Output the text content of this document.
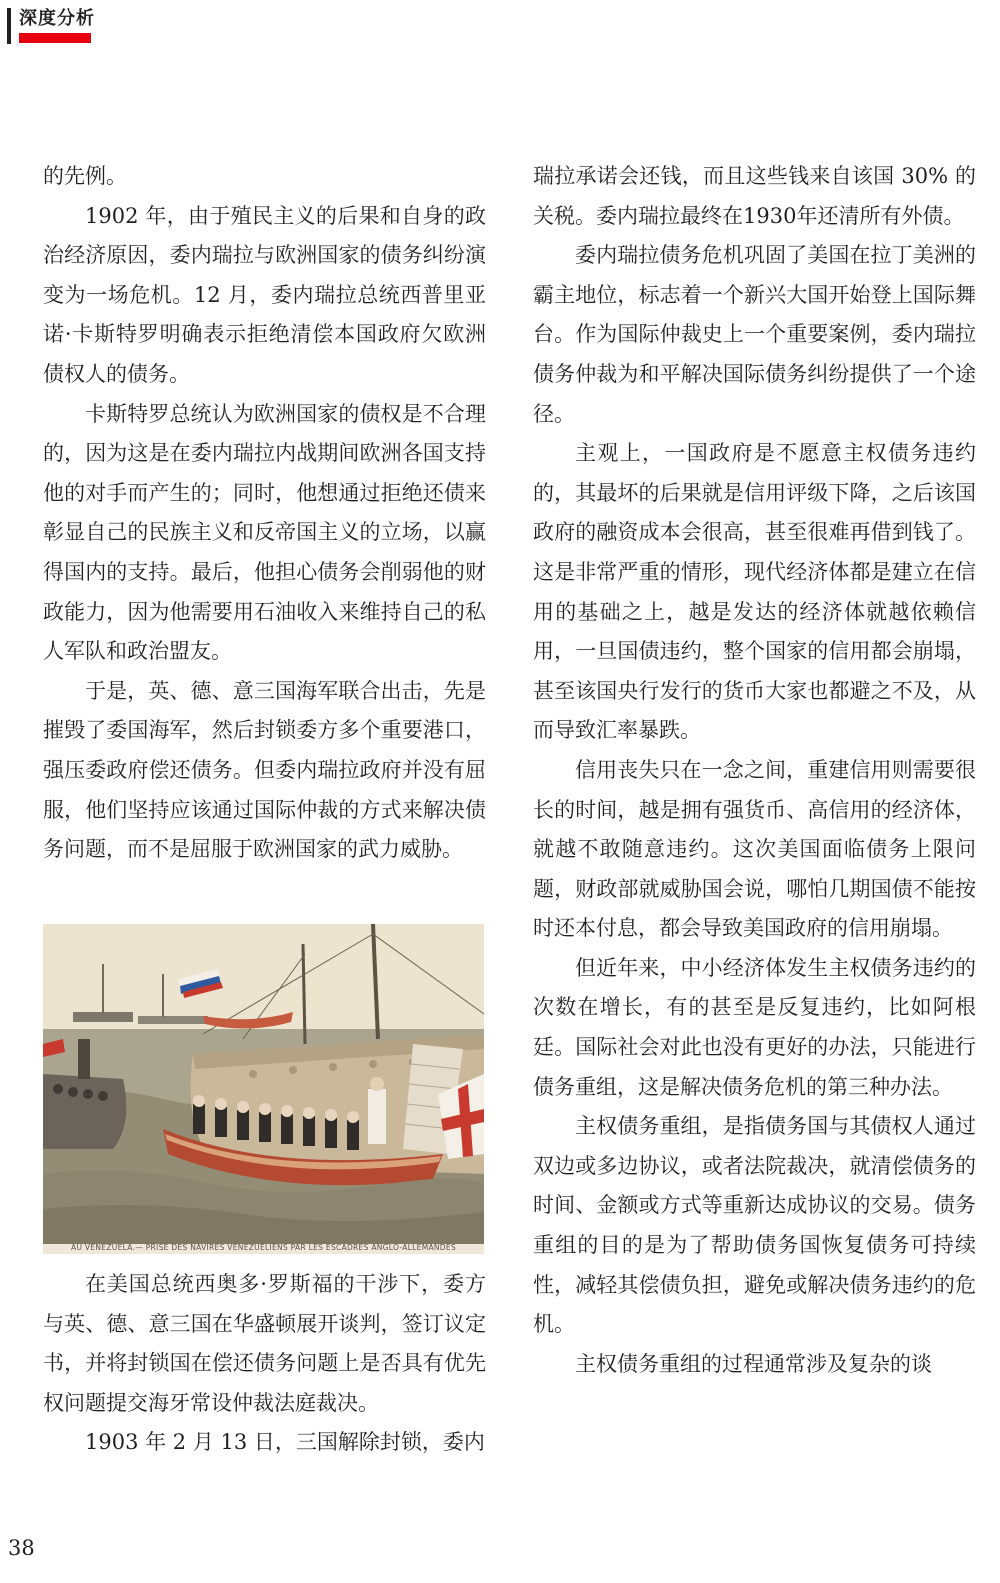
深度分析

的先例。

1902 年，由于殖民主义的后果和自身的政治经济原因，委内瑞拉与欧洲国家的债务纠纷演变为一场危机。12 月，委内瑞拉总统西普里亚诺·卡斯特罗明确表示拒绝清偿本国政府欠欧洲债权人的债务。

卡斯特罗总统认为欧洲国家的债权是不合理的，因为这是在委内瑞拉内战期间欧洲各国支持他的对手而产生的；同时，他想通过拒绝还债来彰显自己的民族主义和反帝国主义的立场，以赢得国内的支持。最后，他担心债务会削弱他的财政能力，因为他需要用石油收入来维持自己的私人军队和政治盟友。

于是，英、德、意三国海军联合出击，先是摧毁了委国海军，然后封锁委方多个重要港口，强压委政府偿还债务。但委内瑞拉政府并没有屈服，他们坚持应该通过国际仲裁的方式来解决债务问题，而不是屈服于欧洲国家的武力威胁。

AU VENEZUELA.— PRISE DES NAVIRES VÉNÉZUÉLIENS PAR LES ESCADRES ANGLO-ALLEMANDES

在美国总统西奥多·罗斯福的干涉下，委方与英、德、意三国在华盛顿展开谈判，签订议定书，并将封锁国在偿还债务问题上是否具有优先权问题提交海牙常设仲裁法庭裁决。

1903 年 2 月 13 日，三国解除封锁，委内

瑞拉承诺会还钱，而且这些钱来自该国 30% 的关税。委内瑞拉最终在1930年还清所有外债。

委内瑞拉债务危机巩固了美国在拉丁美洲的霸主地位，标志着一个新兴大国开始登上国际舞台。作为国际仲裁史上一个重要案例，委内瑞拉债务仲裁为和平解决国际债务纠纷提供了一个途径。

主观上，一国政府是不愿意主权债务违约的，其最坏的后果就是信用评级下降，之后该国政府的融资成本会很高，甚至很难再借到钱了。这是非常严重的情形，现代经济体都是建立在信用的基础之上，越是发达的经济体就越依赖信用，一旦国债违约，整个国家的信用都会崩塌，甚至该国央行发行的货币大家也都避之不及，从而导致汇率暴跌。

信用丧失只在一念之间，重建信用则需要很长的时间，越是拥有强货币、高信用的经济体，就越不敢随意违约。这次美国面临债务上限问题，财政部就威胁国会说，哪怕几期国债不能按时还本付息，都会导致美国政府的信用崩塌。

但近年来，中小经济体发生主权债务违约的次数在增长，有的甚至是反复违约，比如阿根廷。国际社会对此也没有更好的办法，只能进行债务重组，这是解决债务危机的第三种办法。

主权债务重组，是指债务国与其债权人通过双边或多边协议，或者法院裁决，就清偿债务的时间、金额或方式等重新达成协议的交易。债务重组的目的是为了帮助债务国恢复债务可持续性，减轻其偿债负担，避免或解决债务违约的危机。

主权债务重组的过程通常涉及复杂的谈

38
